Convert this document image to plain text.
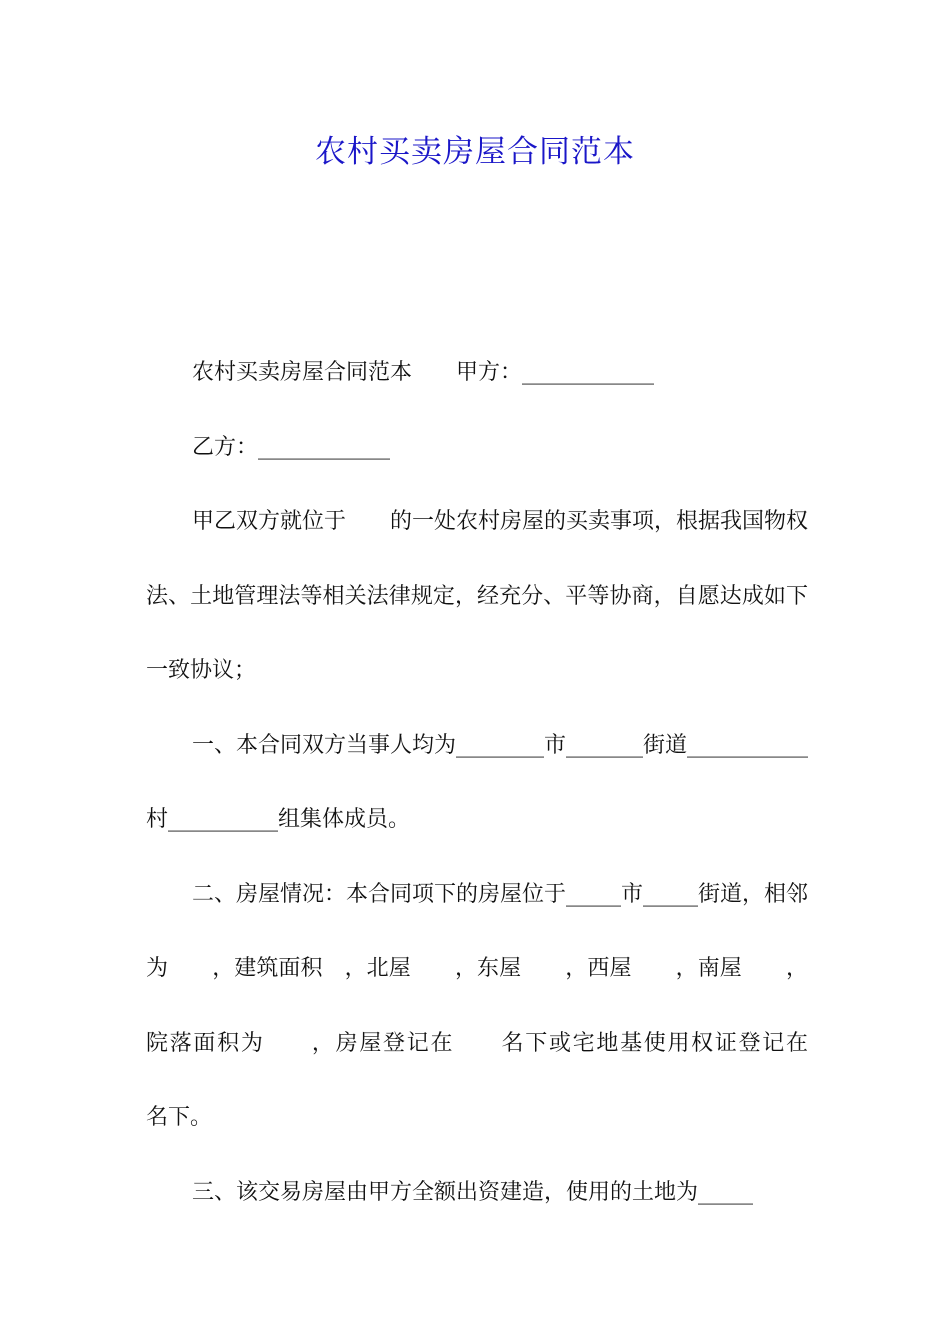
农村买卖房屋合同范本

农村买卖房屋合同范本　　甲方：____________

乙方：____________

甲乙双方就位于　　的一处农村房屋的买卖事项，根据我国物权法、土地管理法等相关法律规定，经充分、平等协商，自愿达成如下一致协议；

一、本合同双方当事人均为________市_______街道___________村__________组集体成员。

二、房屋情况：本合同项下的房屋位于_____市_____街道，相邻为　　，建筑面积　，北屋　　，东屋　　，西屋　　，南屋　　，院落面积为　　，房屋登记在　　名下或宅地基使用权证登记在　　名下。

三、该交易房屋由甲方全额出资建造，使用的土地为_____
